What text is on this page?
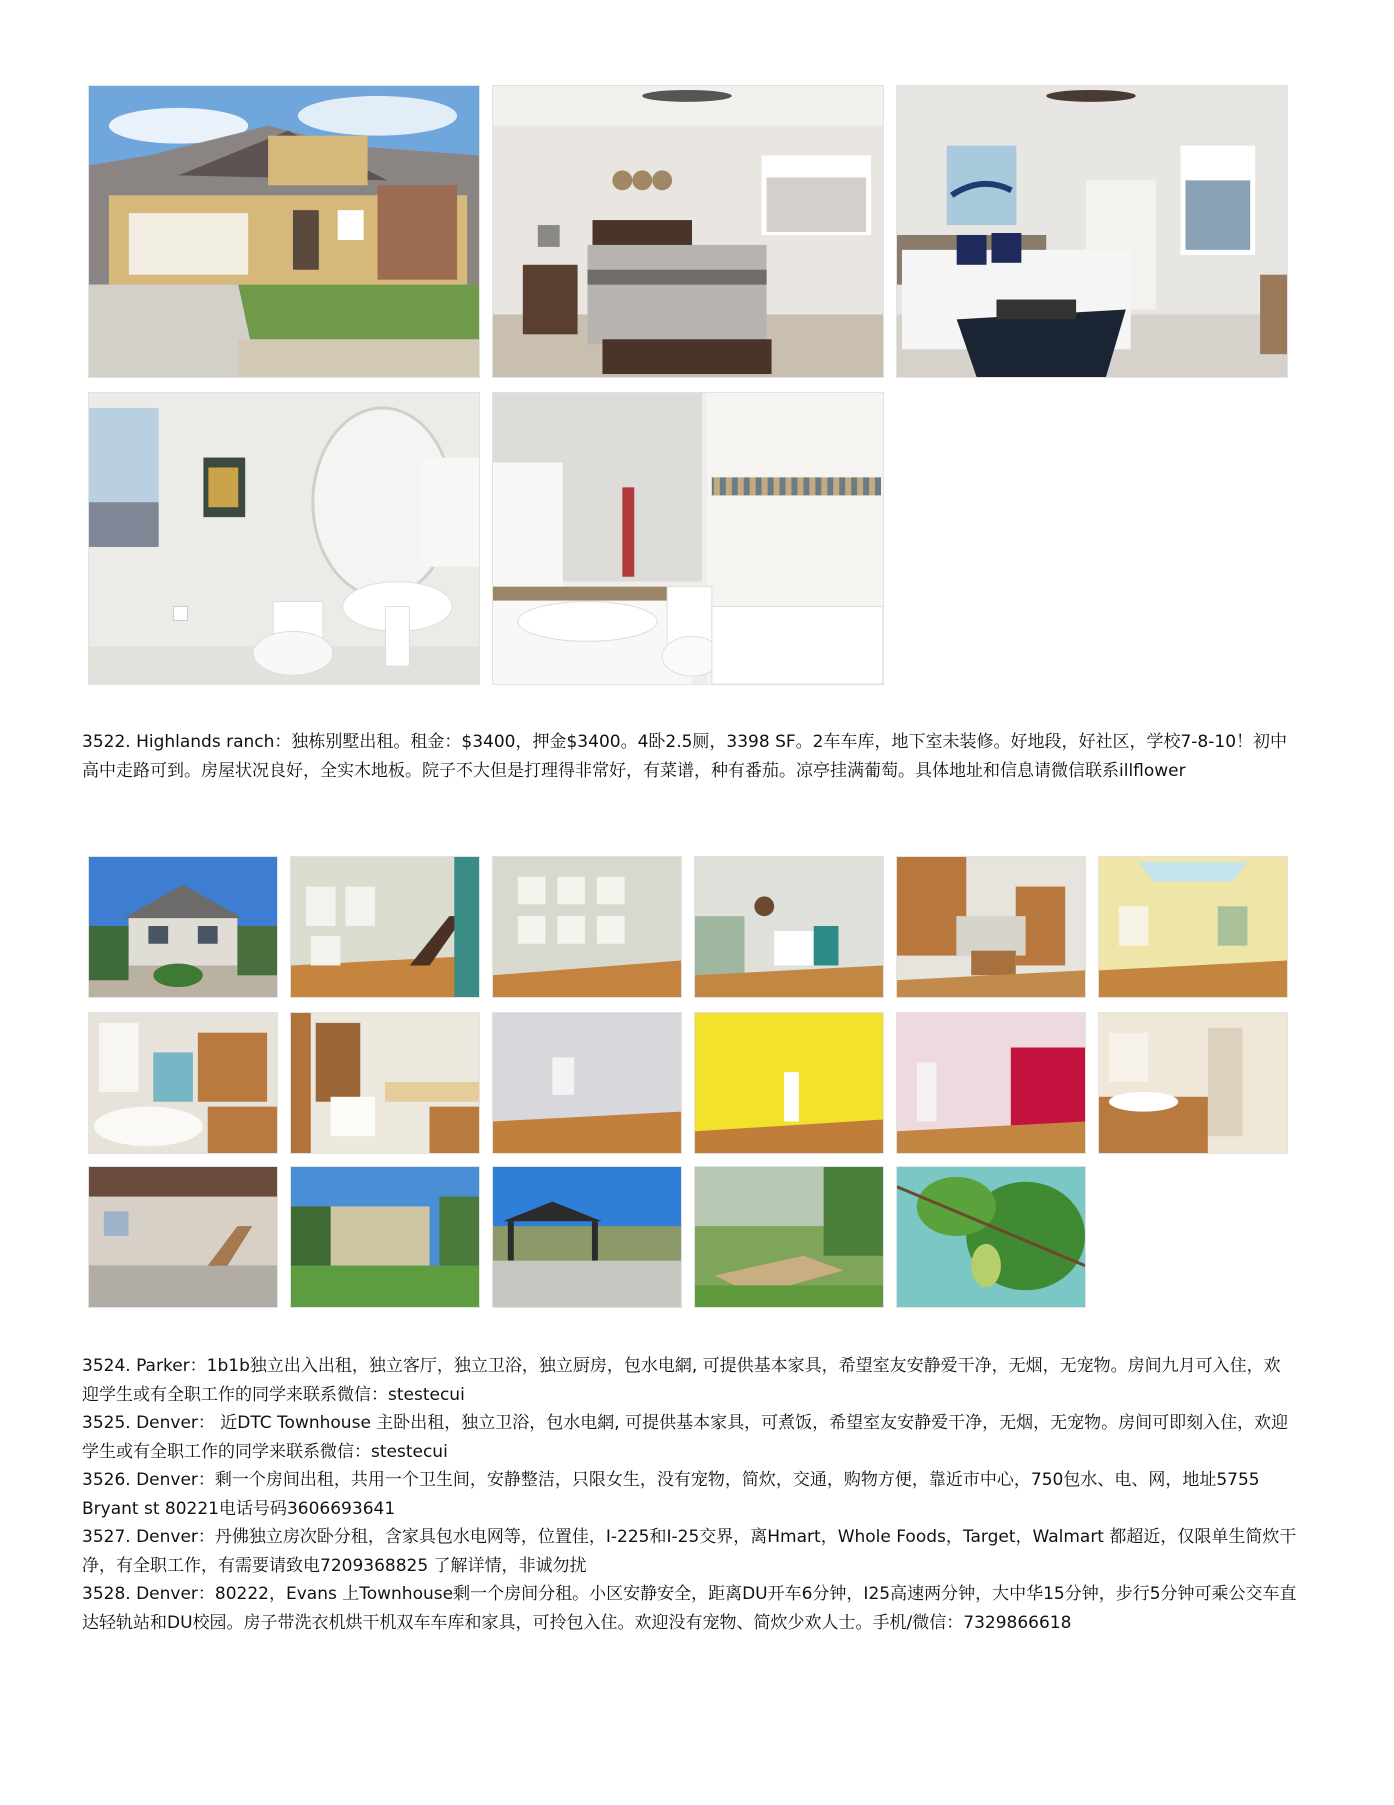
3522. Highlands ranch：独栋别墅出租。租金：$3400，押金$3400。4卧2.5厕，3398 SF。2车车库，地下室未装修。好地段，好社区，学校7-8-10！初中高中走路可到。房屋状况良好，全实木地板。院子不大但是打理得非常好，有菜谱，种有番茄。凉亭挂满葡萄。具体地址和信息请微信联系illflower

3524. Parker：1b1b独立出入出租，独立客厅，独立卫浴，独立厨房，包水电網, 可提供基本家具，希望室友安静爱干净，无烟，无宠物。房间九月可入住，欢迎学生或有全职工作的同学来联系微信：stestecui

3525. Denver： 近DTC Townhouse 主卧出租，独立卫浴，包水电網, 可提供基本家具，可煮饭，希望室友安静爱干净，无烟，无宠物。房间可即刻入住，欢迎学生或有全职工作的同学来联系微信：stestecui

3526. Denver：剩一个房间出租，共用一个卫生间，安静整洁，只限女生，没有宠物，简炊，交通，购物方便，靠近市中心，750包水、电、网，地址5755 Bryant st 80221电话号码3606693641

3527. Denver：丹佛独立房次卧分租，含家具包水电网等，位置佳，I-225和I-25交界，离Hmart，Whole Foods，Target，Walmart 都超近，仅限单生简炊干净，有全职工作，有需要请致电7209368825 了解详情，非诚勿扰

3528. Denver：80222，Evans 上Townhouse剩一个房间分租。小区安静安全，距离DU开车6分钟，I25高速两分钟，大中华15分钟，步行5分钟可乘公交车直达轻轨站和DU校园。房子带洗衣机烘干机双车车库和家具，可拎包入住。欢迎没有宠物、简炊少欢人士。手机/微信：7329866618
